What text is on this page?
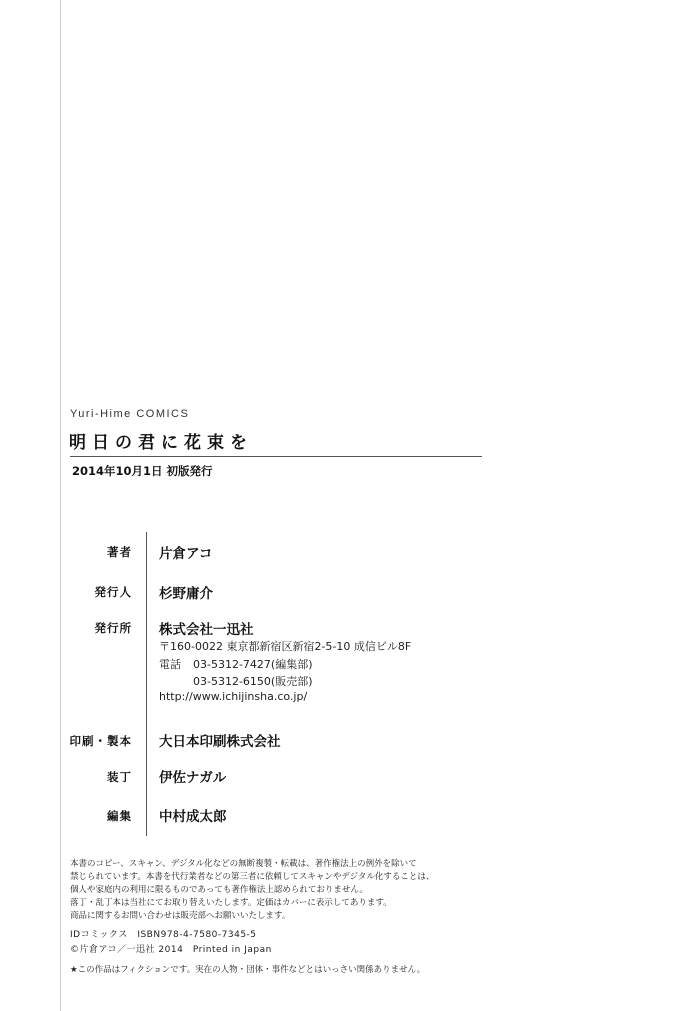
Yuri-Hime COMICS
明日の君に花束を
2014年10月1日 初版発行
著者 片倉アコ
発行人 杉野庸介
発行所 株式会社一迅社
〒160-0022 東京都新宿区新宿2-5-10 成信ビル8F
電話 03-5312-7427(編集部)
03-5312-6150(販売部)
http://www.ichijinsha.co.jp/
印刷・製本 大日本印刷株式会社
装丁 伊佐ナガル
編集 中村成太郎
本書のコピー、スキャン、デジタル化などの無断複製・転載は、著作権法上の例外を除いて
禁じられています。本書を代行業者などの第三者に依頼してスキャンやデジタル化することは、
個人や家庭内の利用に限るものであっても著作権法上認められておりません。
落丁・乱丁本は当社にてお取り替えいたします。定価はカバーに表示してあります。
商品に関するお問い合わせは販売部へお願いいたします。
IDコミックス　ISBN978-4-7580-7345-5
©片倉アコ／一迅社 2014　Printed in Japan
★この作品はフィクションです。実在の人物・団体・事件などとはいっさい関係ありません。
